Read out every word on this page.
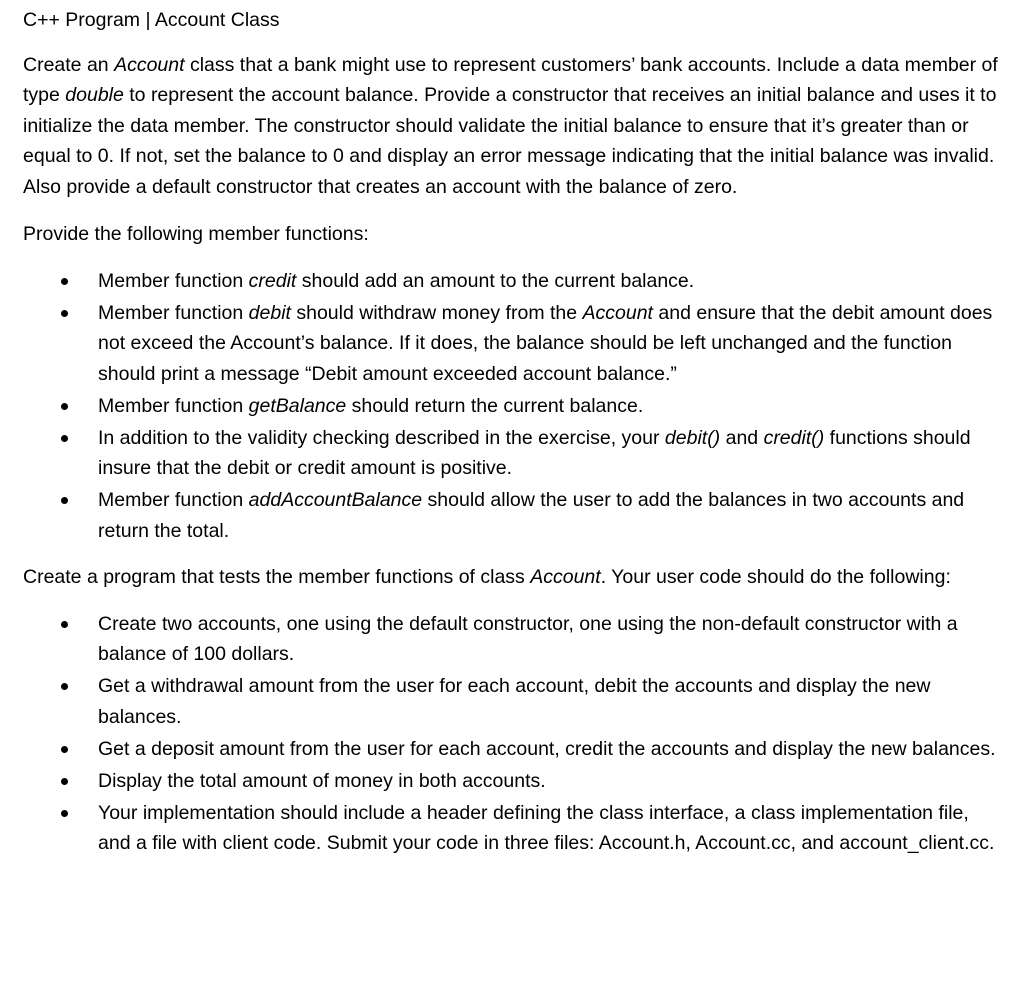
C++ Program | Account Class

Create an Account class that a bank might use to represent customers’ bank accounts. Include a data member of type double to represent the account balance. Provide a constructor that receives an initial balance and uses it to initialize the data member. The constructor should validate the initial balance to ensure that it’s greater than or equal to 0. If not, set the balance to 0 and display an error message indicating that the initial balance was invalid. Also provide a default constructor that creates an account with the balance of zero.

Provide the following member functions:

Member function credit should add an amount to the current balance.
Member function debit should withdraw money from the Account and ensure that the debit amount does not exceed the Account’s balance. If it does, the balance should be left unchanged and the function should print a message “Debit amount exceeded account balance.”
Member function getBalance should return the current balance.
In addition to the validity checking described in the exercise, your debit() and credit() functions should insure that the debit or credit amount is positive.
Member function addAccountBalance should allow the user to add the balances in two accounts and return the total.

Create a program that tests the member functions of class Account. Your user code should do the following:

Create two accounts, one using the default constructor, one using the non-default constructor with a balance of 100 dollars.
Get a withdrawal amount from the user for each account, debit the accounts and display the new balances.
Get a deposit amount from the user for each account, credit the accounts and display the new balances.
Display the total amount of money in both accounts.
Your implementation should include a header defining the class interface, a class implementation file, and a file with client code. Submit your code in three files: Account.h, Account.cc, and account_client.cc.
